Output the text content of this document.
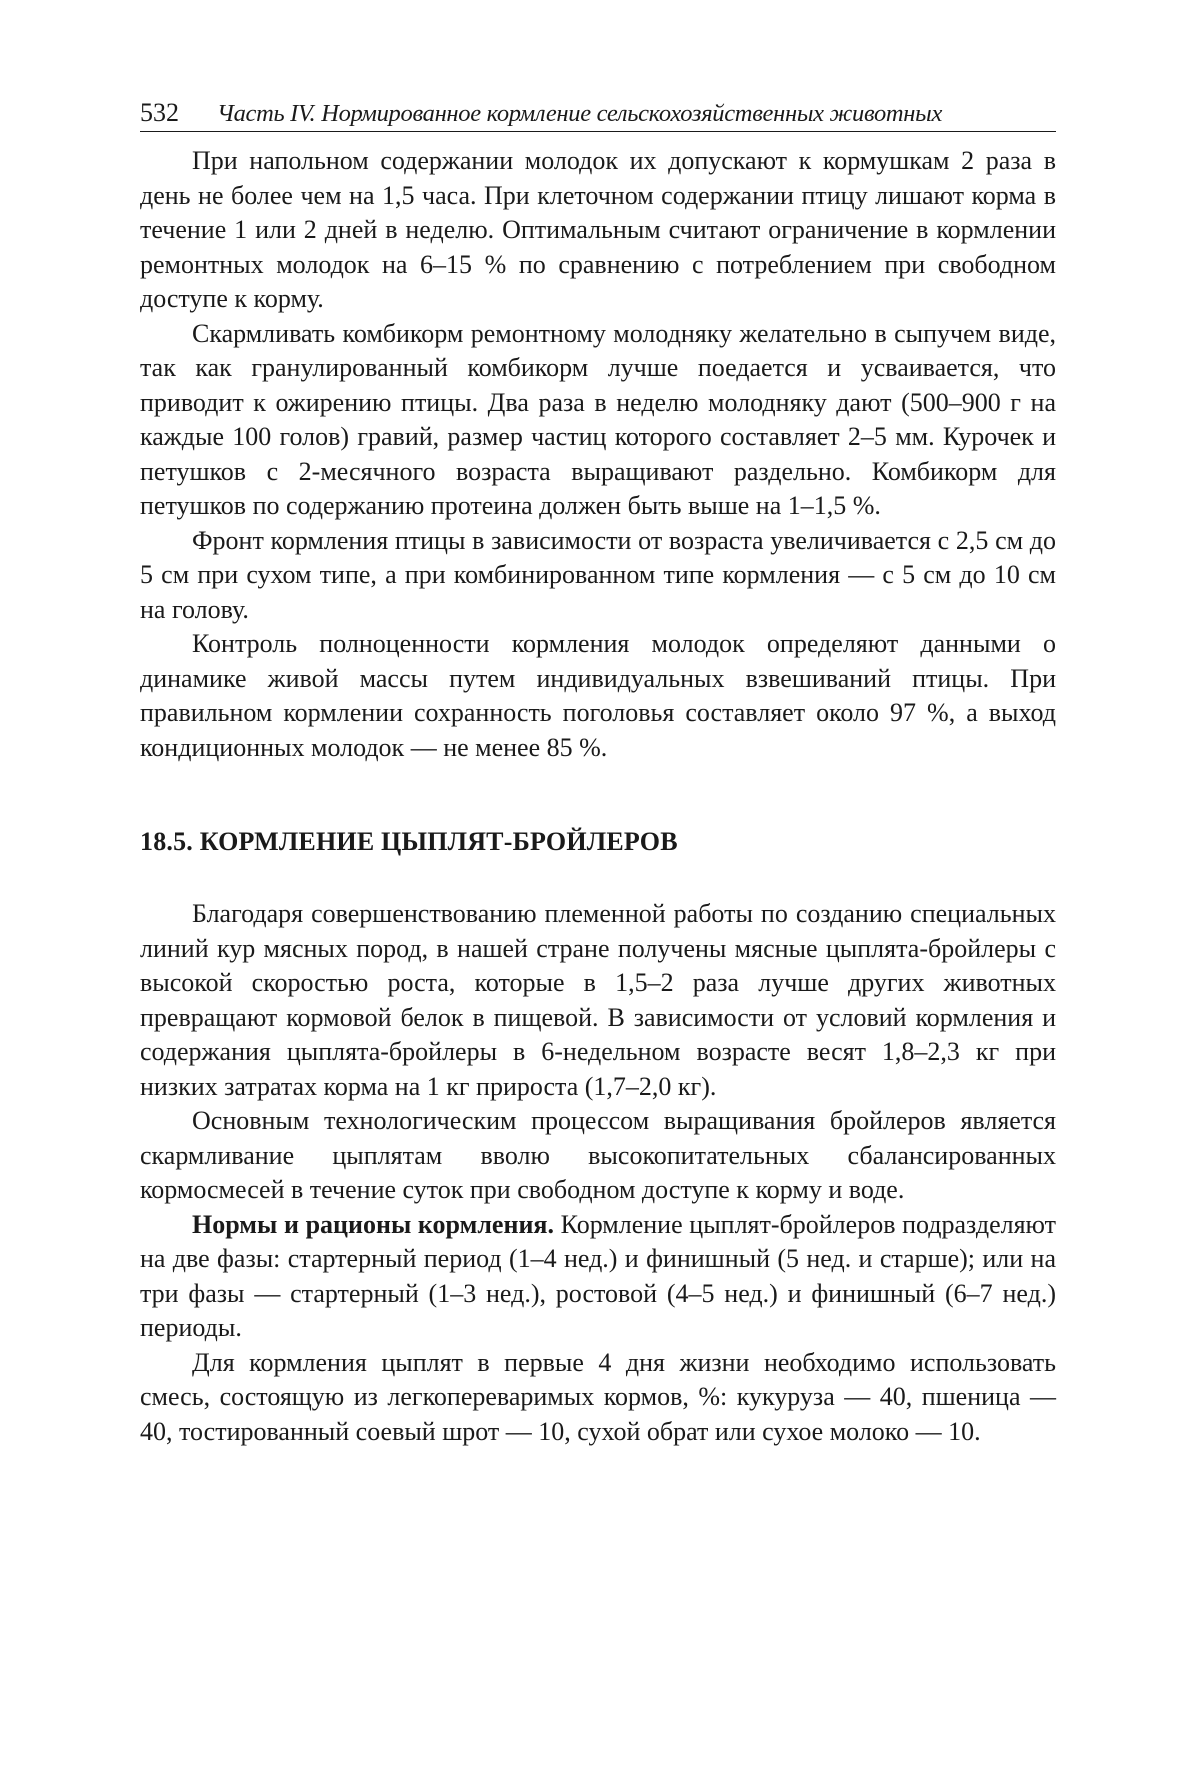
532 Часть IV. Нормированное кормление сельскохозяйственных животных

При напольном содержании молодок их допускают к кормушкам 2 раза в день не более чем на 1,5 часа. При клеточном содержании птицу лишают корма в течение 1 или 2 дней в неделю. Оптимальным считают ограничение в кормлении ремонтных молодок на 6–15 % по сравнению с потреблением при свободном доступе к корму.

Скармливать комбикорм ремонтному молодняку желательно в сыпучем виде, так как гранулированный комбикорм лучше поедается и усваивается, что приводит к ожирению птицы. Два раза в неделю молодняку дают (500–900 г на каждые 100 голов) гравий, размер частиц которого составляет 2–5 мм. Курочек и петушков с 2-месячного возраста выращивают раздельно. Комбикорм для петушков по содержанию протеина должен быть выше на 1–1,5 %.

Фронт кормления птицы в зависимости от возраста увеличивается с 2,5 см до 5 см при сухом типе, а при комбинированном типе кормления — с 5 см до 10 см на голову.

Контроль полноценности кормления молодок определяют данными о динамике живой массы путем индивидуальных взвешиваний птицы. При правильном кормлении сохранность поголовья составляет около 97 %, а выход кондиционных молодок — не менее 85 %.

18.5. КОРМЛЕНИЕ ЦЫПЛЯТ-БРОЙЛЕРОВ

Благодаря совершенствованию племенной работы по созданию специальных линий кур мясных пород, в нашей стране получены мясные цыплята-бройлеры с высокой скоростью роста, которые в 1,5–2 раза лучше других животных превращают кормовой белок в пищевой. В зависимости от условий кормления и содержания цыплята-бройлеры в 6-недельном возрасте весят 1,8–2,3 кг при низких затратах корма на 1 кг прироста (1,7–2,0 кг).

Основным технологическим процессом выращивания бройлеров является скармливание цыплятам вволю высокопитательных сбалансированных кормосмесей в течение суток при свободном доступе к корму и воде.

Нормы и рационы кормления. Кормление цыплят-бройлеров подразделяют на две фазы: стартерный период (1–4 нед.) и финишный (5 нед. и старше); или на три фазы — стартерный (1–3 нед.), ростовой (4–5 нед.) и финишный (6–7 нед.) периоды.

Для кормления цыплят в первые 4 дня жизни необходимо использовать смесь, состоящую из легкопереваримых кормов, %: кукуруза — 40, пшеница — 40, тостированный соевый шрот — 10, сухой обрат или сухое молоко — 10.
